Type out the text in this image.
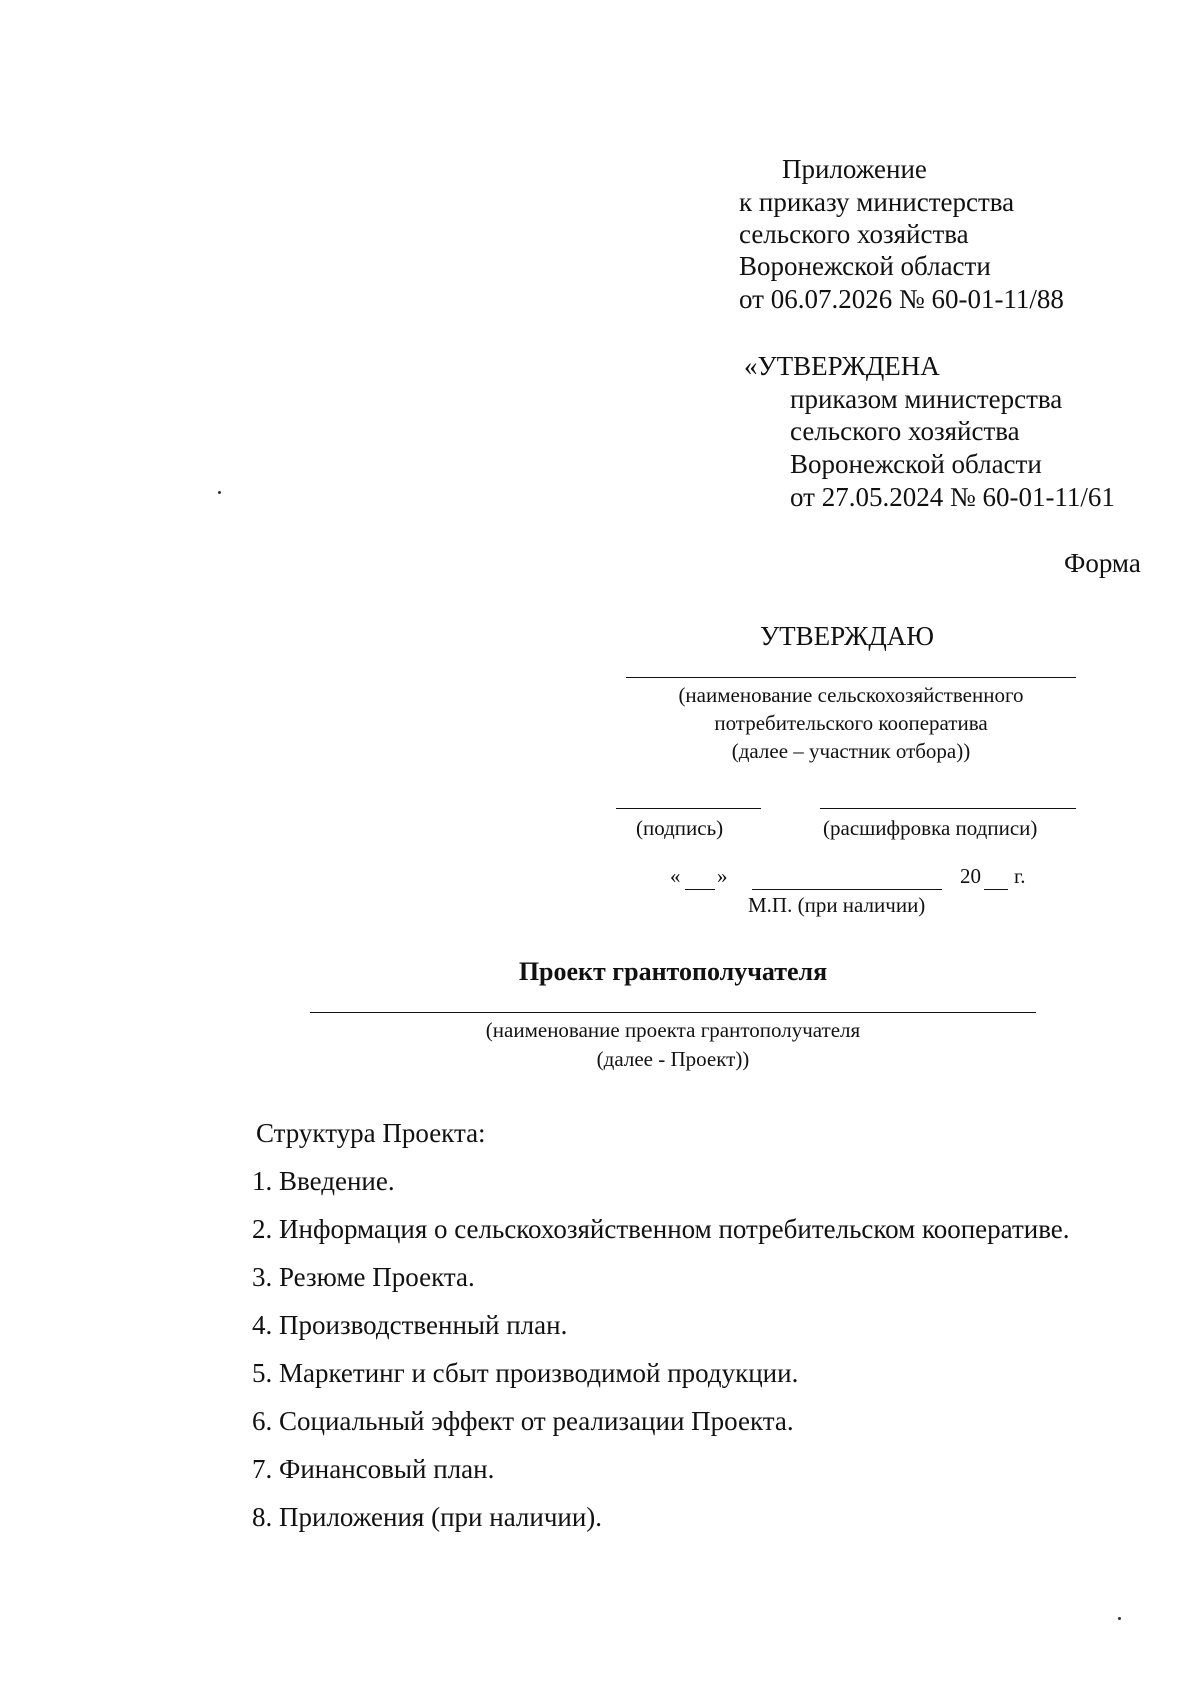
Приложение
к приказу министерства
сельского хозяйства
Воронежской области
от 06.07.2026 № 60-01-11/88
«УТВЕРЖДЕНА
приказом министерства
сельского хозяйства
Воронежской области
от 27.05.2024 № 60-01-11/61
Форма
УТВЕРЖДАЮ
(наименование сельскохозяйственного
потребительского кооператива
(далее – участник отбора))
(подпись)	(расшифровка подписи)
« »	20 г.
М.П. (при наличии)
Проект грантополучателя
(наименование проекта грантополучателя
(далее - Проект))
Структура Проекта:
1. Введение.
2. Информация о сельскохозяйственном потребительском кооперативе.
3. Резюме Проекта.
4. Производственный план.
5. Маркетинг и сбыт производимой продукции.
6. Социальный эффект от реализации Проекта.
7. Финансовый план.
8. Приложения (при наличии).
